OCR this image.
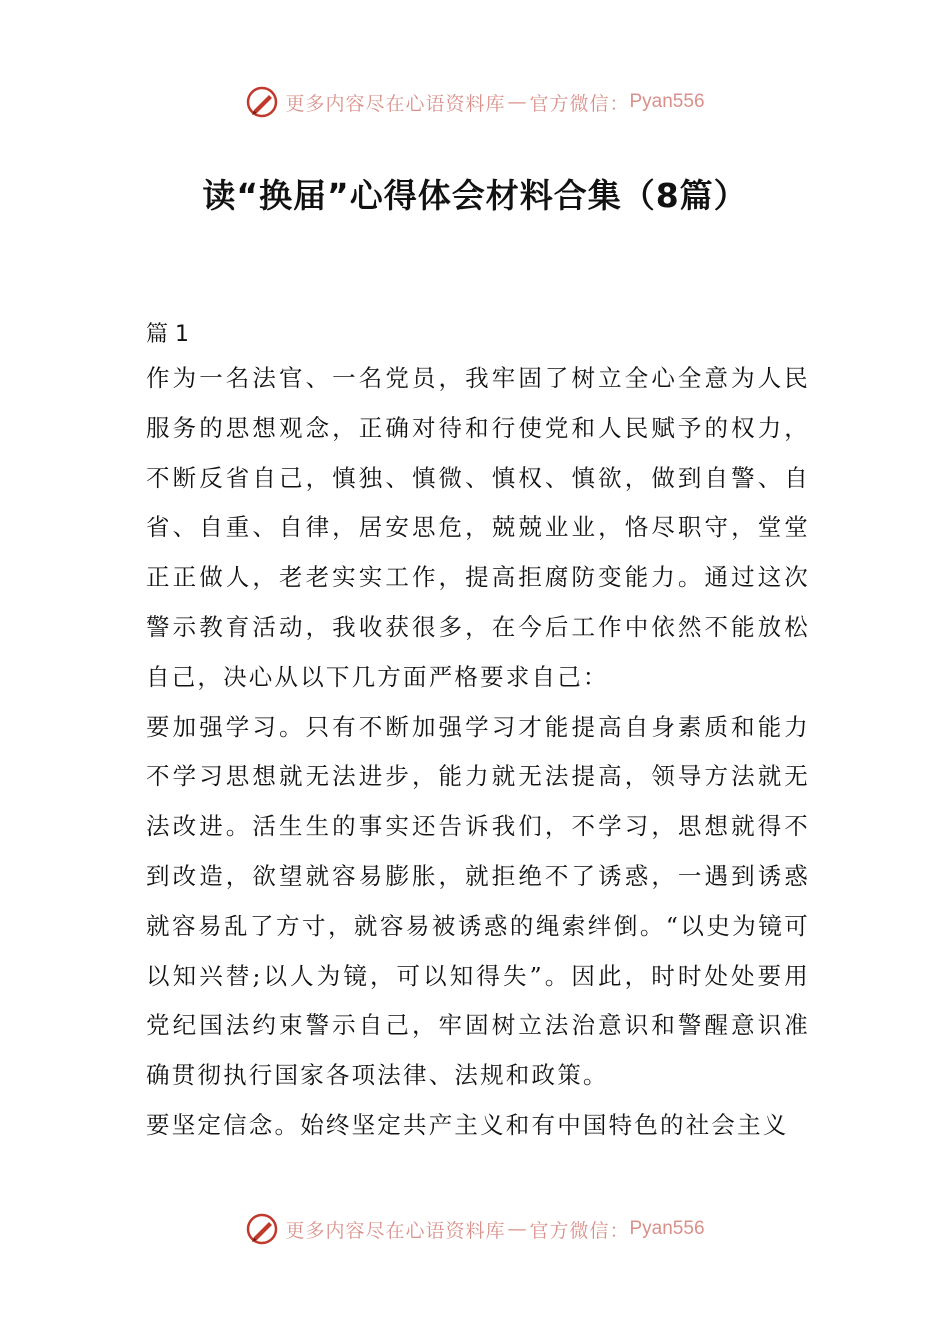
更多内容尽在心语资料库 — 官方微信： Pyan556
读“换届”心得体会材料合集（8篇）
篇 1

作为一名法官、一名党员，我牢固了树立全心全意为人民服务的思想观念，正确对待和行使党和人民赋予的权力，不断反省自己，慎独、慎微、慎权、慎欲，做到自警、自省、自重、自律，居安思危，兢兢业业，恪尽职守，堂堂正正做人，老老实实工作，提高拒腐防变能力。通过这次警示教育活动，我收获很多，在今后工作中依然不能放松自己，决心从以下几方面严格要求自己：

要加强学习。只有不断加强学习才能提高自身素质和能力不学习思想就无法进步，能力就无法提高，领导方法就无法改进。活生生的事实还告诉我们，不学习，思想就得不到改造，欲望就容易膨胀，就拒绝不了诱惑，一遇到诱惑就容易乱了方寸，就容易被诱惑的绳索绊倒。“以史为镜可以知兴替;以人为镜，可以知得失”。因此，时时处处要用党纪国法约束警示自己，牢固树立法治意识和警醒意识准确贯彻执行国家各项法律、法规和政策。

要坚定信念。始终坚定共产主义和有中国特色的社会主义

更多内容尽在心语资料库 — 官方微信： Pyan556
